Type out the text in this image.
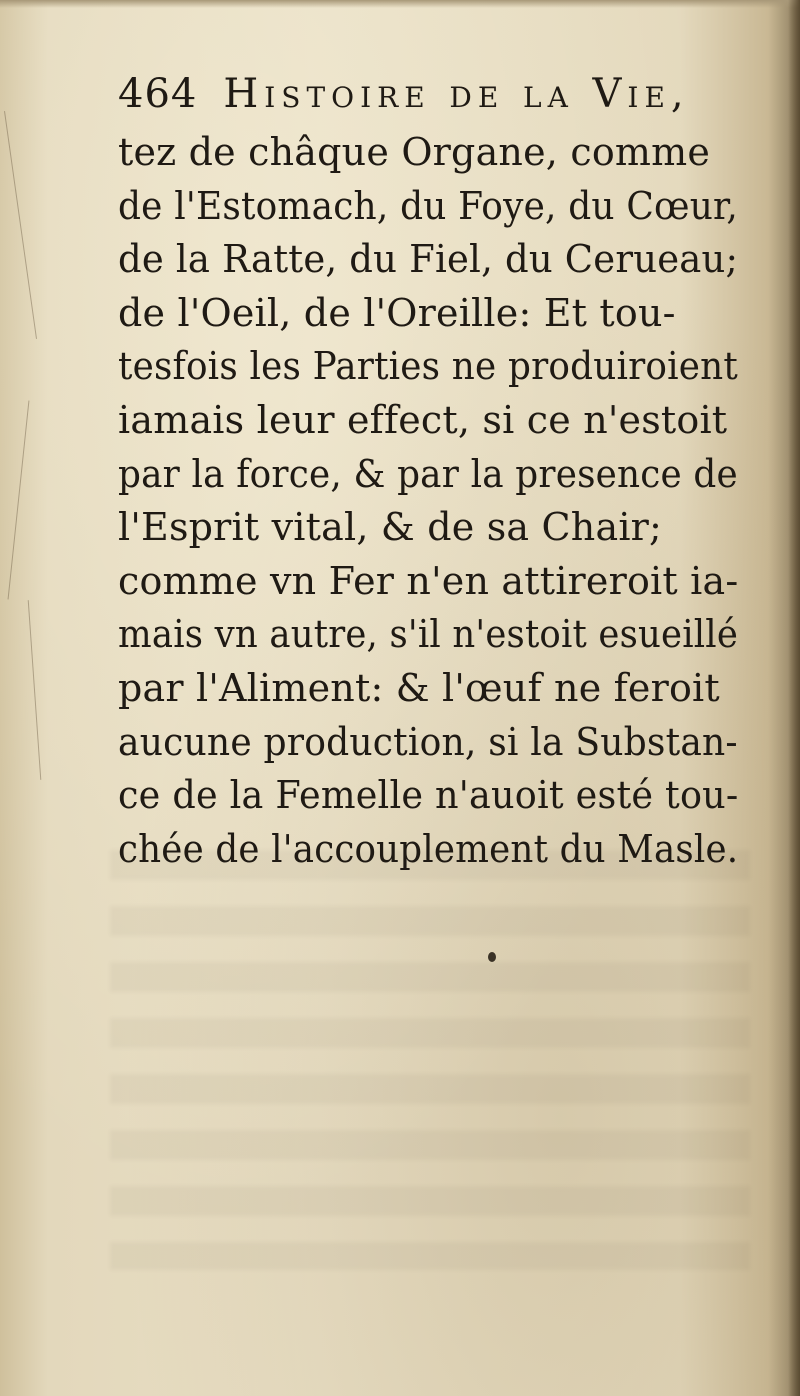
464 Histoire de la Vie,
tez de châque Organe, comme
de l'Estomach, du Foye, du Cœur,
de la Ratte, du Fiel, du Cerueau;
de l'Oeil, de l'Oreille: Et tou-
tesfois les Parties ne produiroient
iamais leur effect, si ce n'estoit
par la force, & par la presence de
l'Esprit vital, & de sa Chair;
comme vn Fer n'en attireroit ia-
mais vn autre, s'il n'estoit esueillé
par l'Aliment: & l'œuf ne feroit
aucune production, si la Substan-
ce de la Femelle n'auoit esté tou-
chée de l'accouplement du Masle.
